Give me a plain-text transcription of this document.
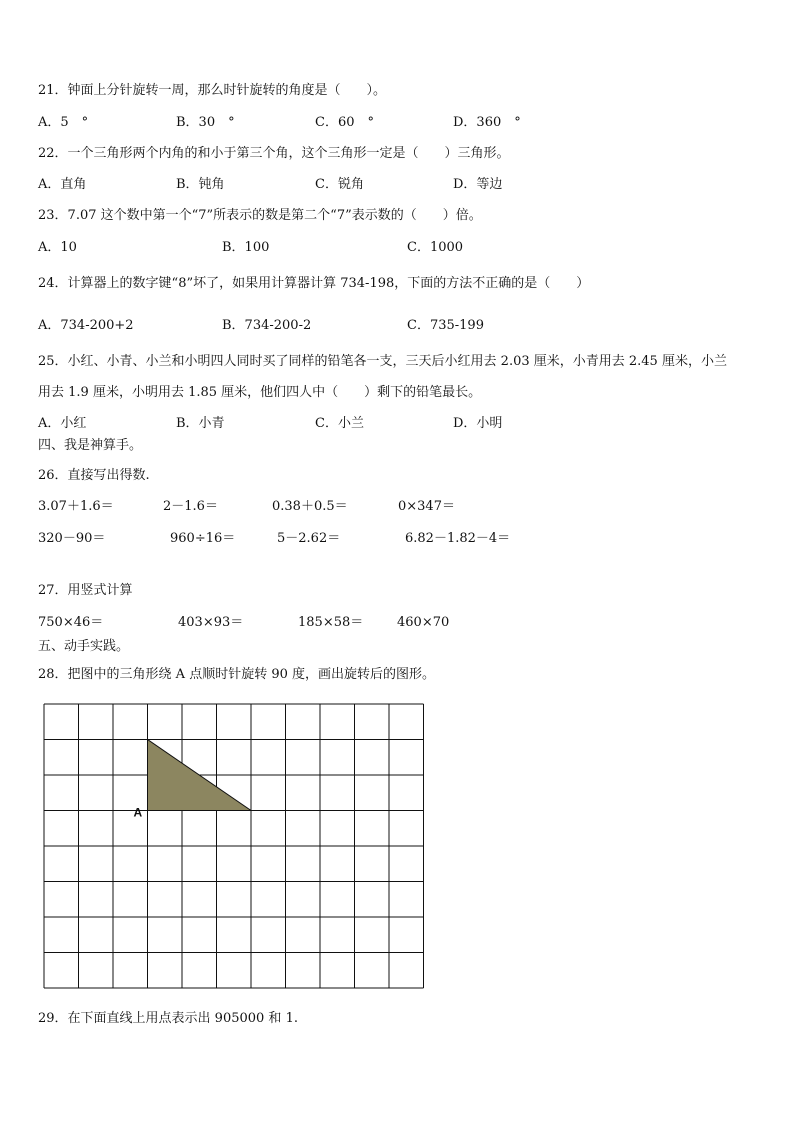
21．钟面上分针旋转一周，那么时针旋转的角度是（　　）。
A．5　°	B．30　°	C．60　°	D．360　°
22．一个三角形两个内角的和小于第三个角，这个三角形一定是（　　）三角形。
A．直角	B．钝角	C．锐角	D．等边
23．7.07 这个数中第一个“7”所表示的数是第二个“7”表示数的（　　）倍。
A．10	B．100	C．1000
24．计算器上的数字键“8”坏了，如果用计算器计算 734-198，下面的方法不正确的是（　　）
A．734-200+2	B．734-200-2	C．735-199
25．小红、小青、小兰和小明四人同时买了同样的铅笔各一支，三天后小红用去 2.03 厘米，小青用去 2.45 厘米，小兰
用去 1.9 厘米，小明用去 1.85 厘米，他们四人中（　　）剩下的铅笔最长。
A．小红	B．小青	C．小兰	D．小明
四、我是神算手。
26．直接写出得数.
3.07＋1.6＝	2－1.6＝	0.38＋0.5＝	0×347＝
320－90＝	960÷16＝	5－2.62＝	6.82－1.82－4＝
27．用竖式计算
750×46＝	403×93＝	185×58＝	460×70
五、动手实践。
28．把图中的三角形绕 A 点顺时针旋转 90 度，画出旋转后的图形。
A
29．在下面直线上用点表示出 905000 和 1.
